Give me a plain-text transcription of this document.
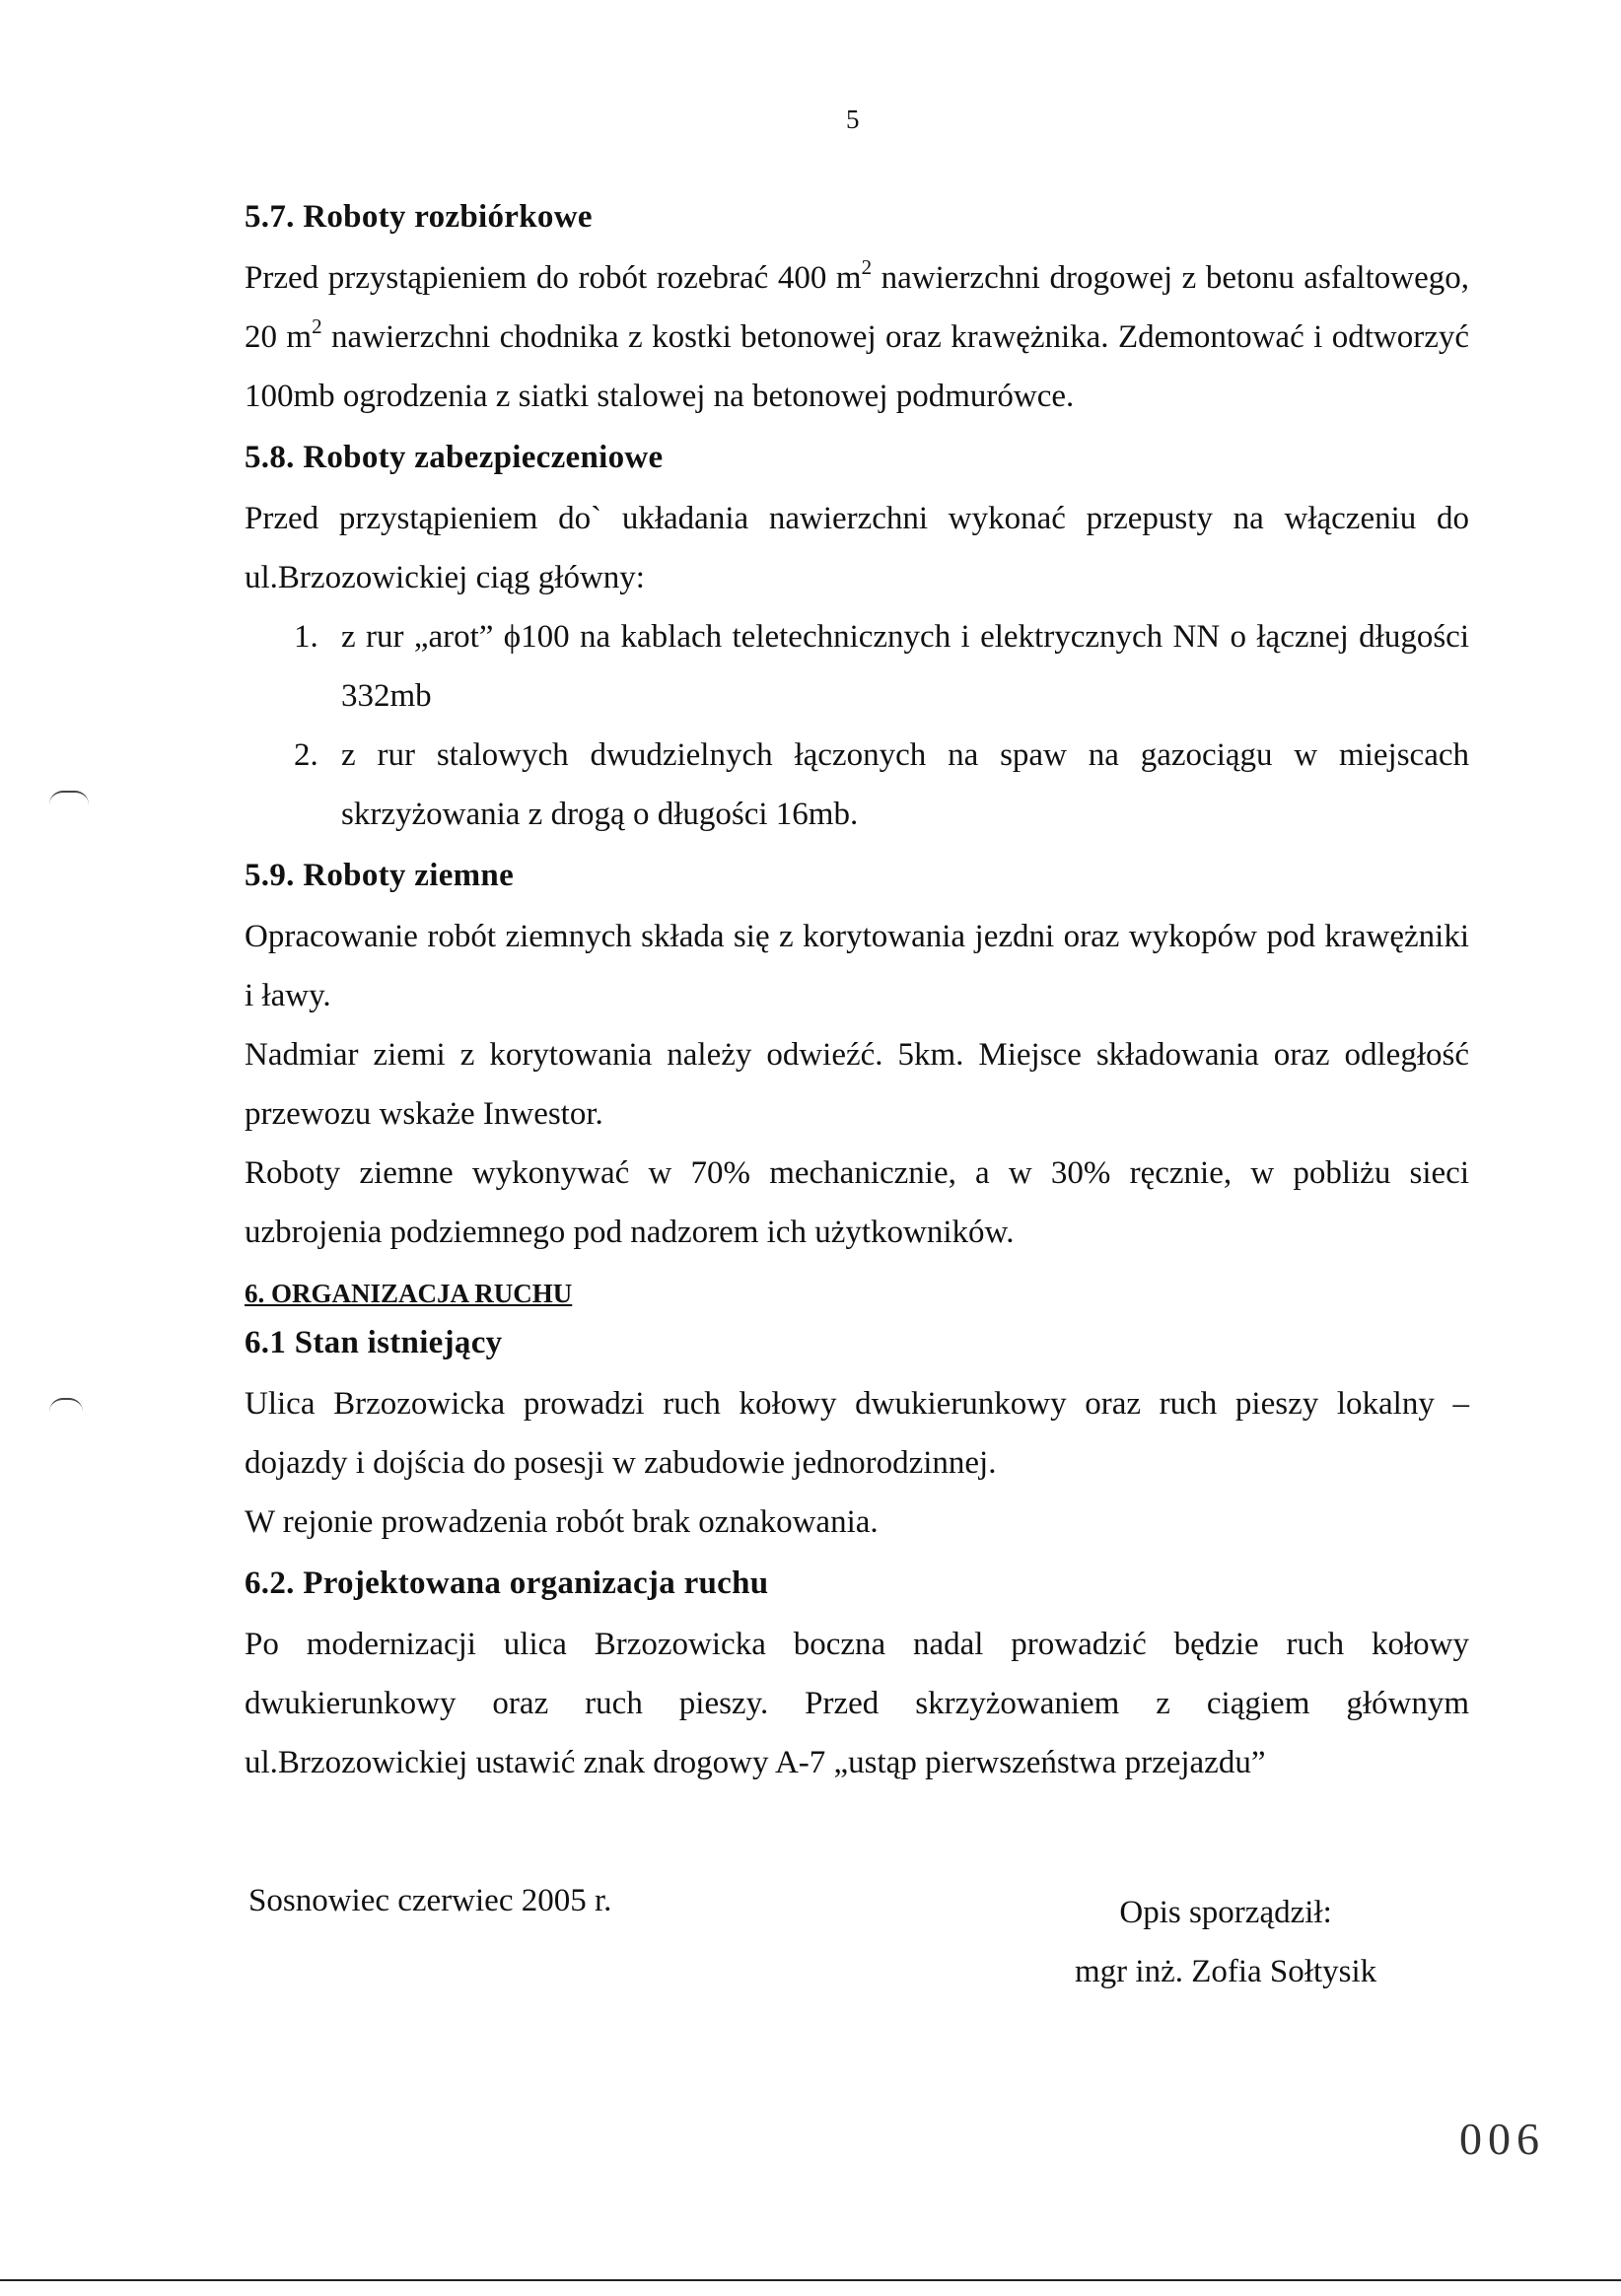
5
5.7. Roboty rozbiórkowe

Przed przystąpieniem do robót rozebrać 400 $m^2$ nawierzchni drogowej z betonu asfaltowego, 20 $m^2$ nawierzchni chodnika z kostki betonowej oraz krawężnika. Zdemontować i odtworzyć 100mb ogrodzenia z siatki stalowej na betonowej podmurówce.

5.8. Roboty zabezpieczeniowe

Przed przystąpieniem do` układania nawierzchni wykonać przepusty na włączeniu do ul.Brzozowickiej ciąg główny:

1. z rur „arot” ϕ100 na kablach teletechnicznych i elektrycznych NN o łącznej długości 332mb
2. z rur stalowych dwudzielnych łączonych na spaw na gazociągu w miejscach skrzyżowania z drogą o długości 16mb.
5.9. Roboty ziemne

Opracowanie robót ziemnych składa się z korytowania jezdni oraz wykopów pod krawężniki i ławy.

Nadmiar ziemi z korytowania należy odwieźć. 5km. Miejsce składowania oraz odległość przewozu wskaże Inwestor.

Roboty ziemne wykonywać w 70% mechanicznie, a w 30% ręcznie, w pobliżu sieci uzbrojenia podziemnego pod nadzorem ich użytkowników.

6. ORGANIZACJA RUCHU
6.1 Stan istniejący

Ulica Brzozowicka prowadzi ruch kołowy dwukierunkowy oraz ruch pieszy lokalny – dojazdy i dojścia do posesji w zabudowie jednorodzinnej.

W rejonie prowadzenia robót brak oznakowania.

6.2. Projektowana organizacja ruchu

Po modernizacji ulica Brzozowicka boczna nadal prowadzić będzie ruch kołowy dwukierunkowy oraz ruch pieszy. Przed skrzyżowaniem z ciągiem głównym ul.Brzozowickiej ustawić znak drogowy A-7 „ustąp pierwszeństwa przejazdu”

Sosnowiec czerwiec 2005 r.	Opis sporządził:
mgr inż. Zofia Sołtysik
006
